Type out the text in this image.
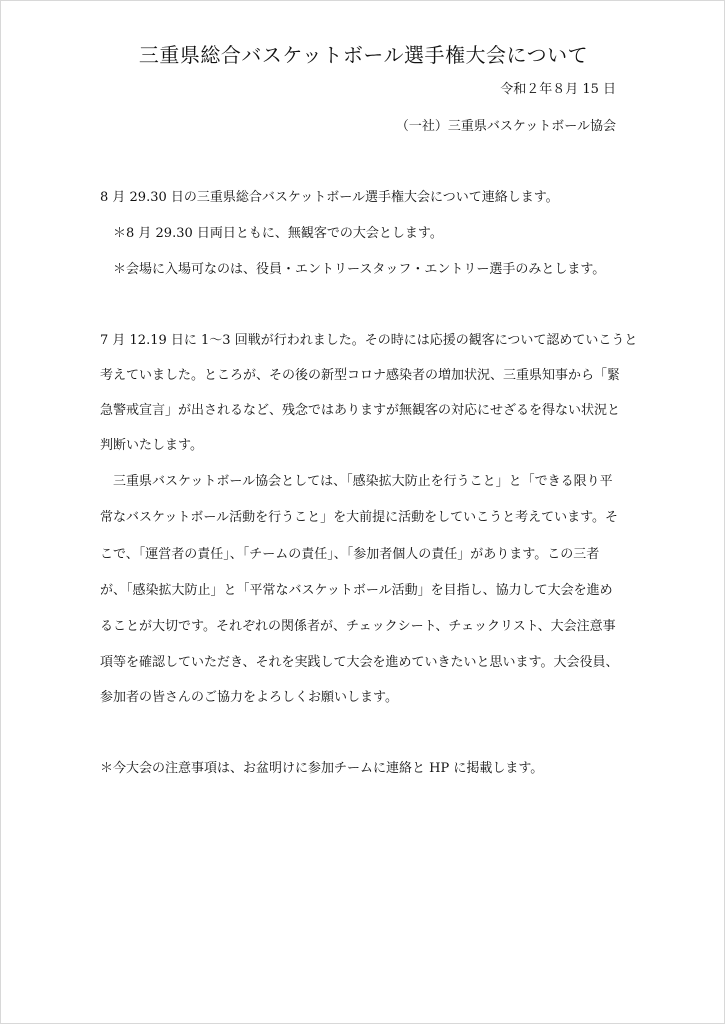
三重県総合バスケットボール選手権大会について
令和２年８月 15 日
（一社）三重県バスケットボール協会
8 月 29.30 日の三重県総合バスケットボール選手権大会について連絡します。
＊8 月 29.30 日両日ともに、無観客での大会とします。
＊会場に入場可なのは、役員・エントリースタッフ・エントリー選手のみとします。
7 月 12.19 日に 1～3 回戦が行われました。その時には応援の観客について認めていこうと
考えていました。ところが、その後の新型コロナ感染者の増加状況、三重県知事から「緊
急警戒宣言」が出されるなど、残念ではありますが無観客の対応にせざるを得ない状況と
判断いたします。
三重県バスケットボール協会としては、「感染拡大防止を行うこと」と「できる限り平
常なバスケットボール活動を行うこと」を大前提に活動をしていこうと考えています。そ
こで、「運営者の責任」、「チームの責任」、「参加者個人の責任」があります。この三者
が、「感染拡大防止」と「平常なバスケットボール活動」を目指し、協力して大会を進め
ることが大切です。それぞれの関係者が、チェックシート、チェックリスト、大会注意事
項等を確認していただき、それを実践して大会を進めていきたいと思います。大会役員、
参加者の皆さんのご協力をよろしくお願いします。
＊今大会の注意事項は、お盆明けに参加チームに連絡と HP に掲載します。
